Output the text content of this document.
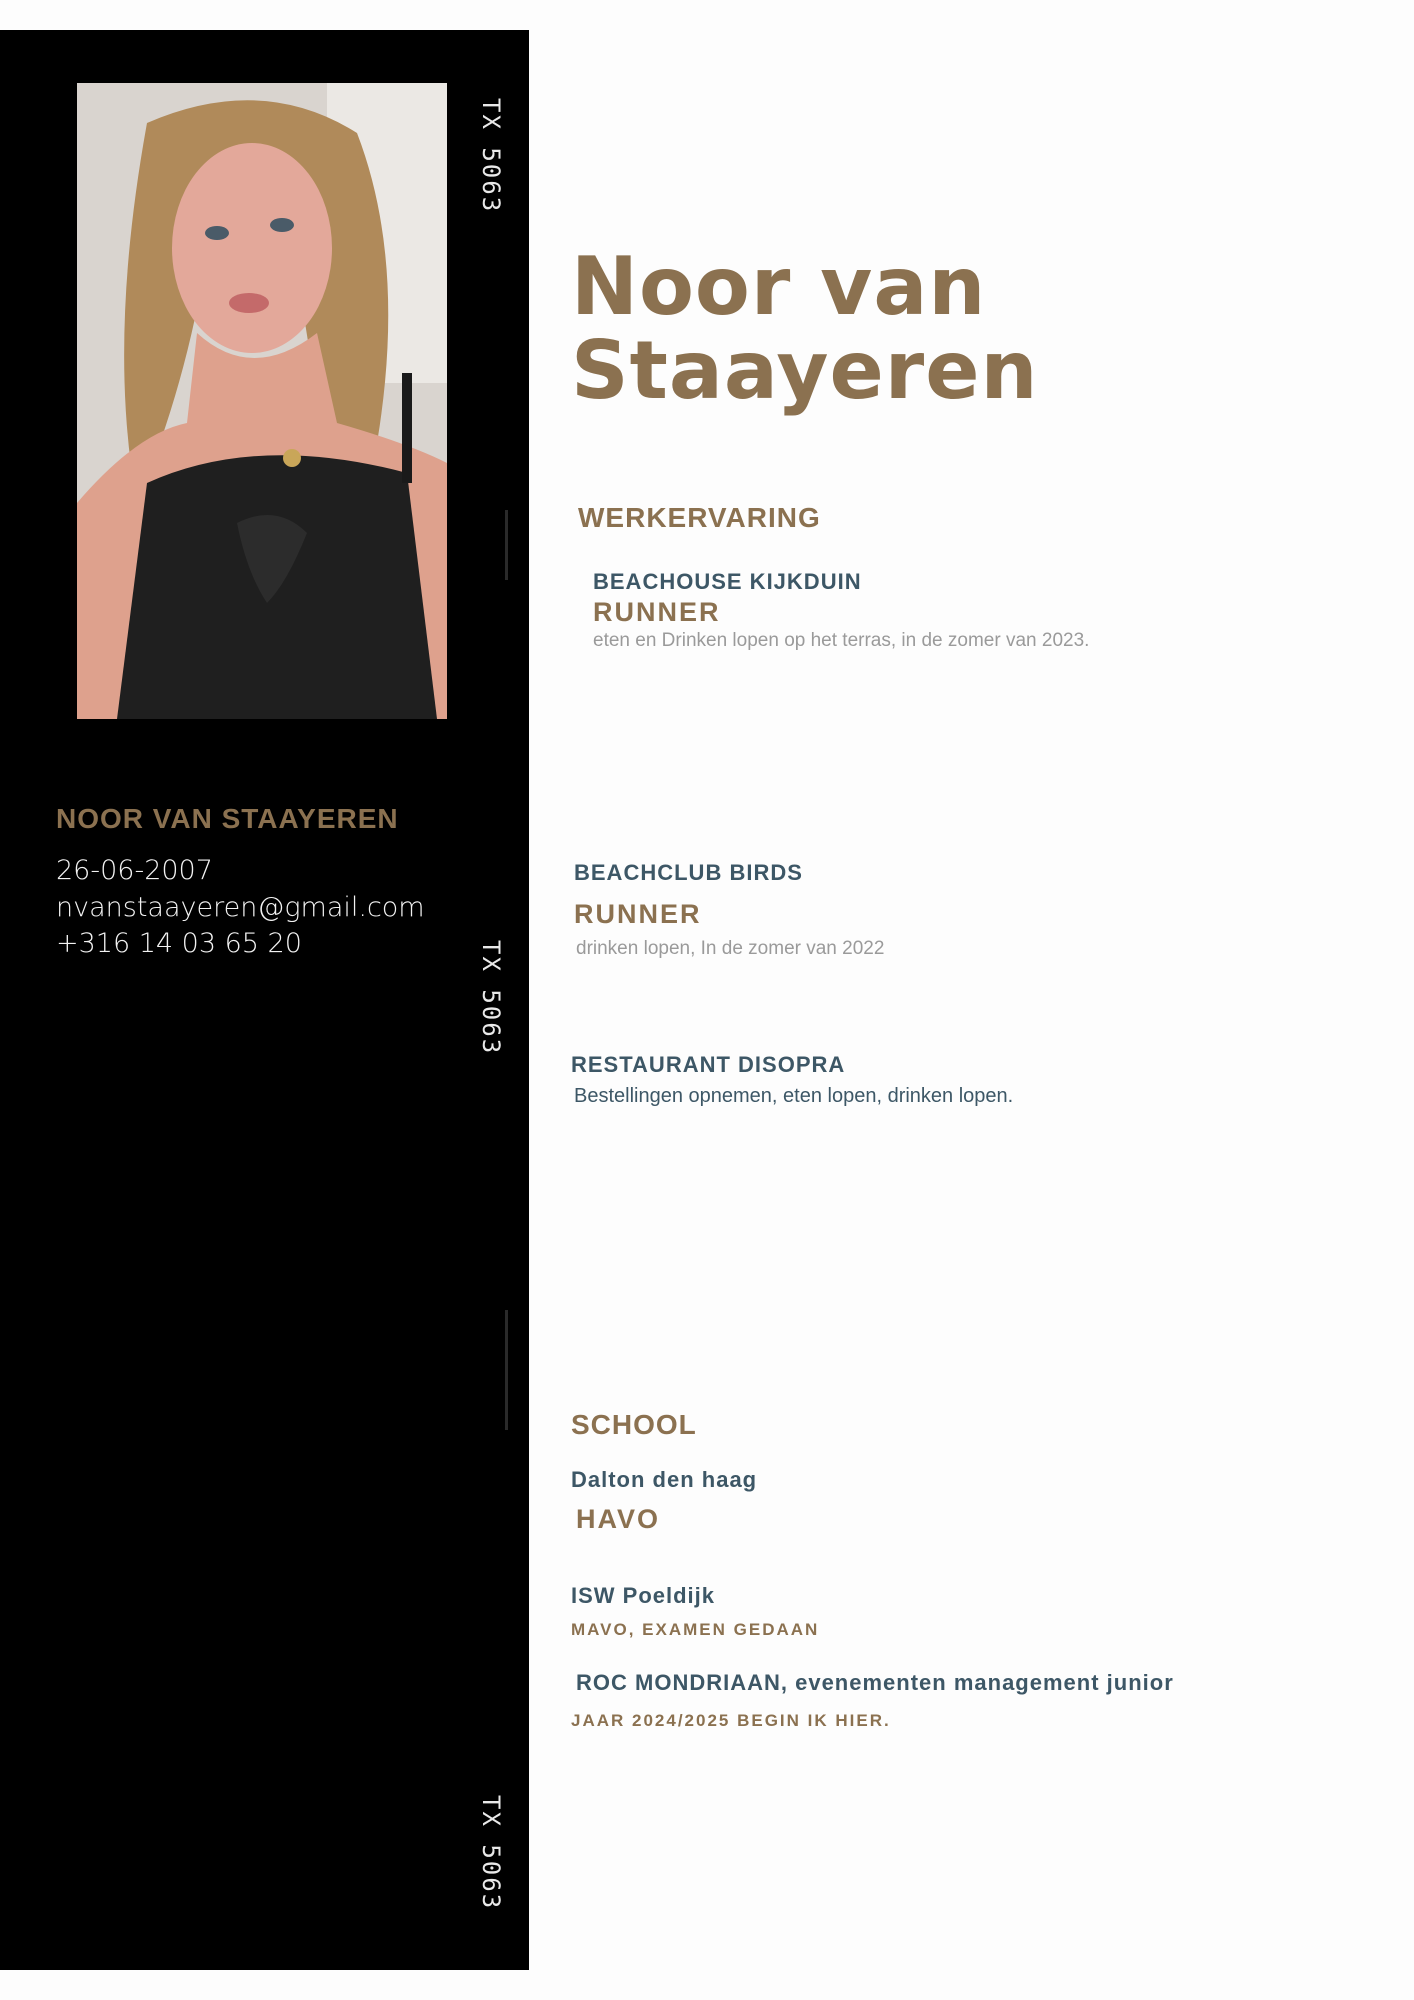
TX 5063
TX 5063
TX 5063
NOOR VAN STAAYEREN
26-06-2007
nvanstaayeren@gmail.com
+316 14 03 65 20
Noor van
Staayeren
WERKERVARING
BEACHOUSE KIJKDUIN
RUNNER
eten en Drinken lopen op het terras, in de zomer van 2023.
BEACHCLUB BIRDS
RUNNER
drinken lopen, In de zomer van 2022
RESTAURANT DISOPRA
Bestellingen opnemen, eten lopen, drinken lopen.
SCHOOL
Dalton den haag
HAVO
ISW Poeldijk
MAVO, EXAMEN GEDAAN
ROC MONDRIAAN, evenementen management junior
JAAR 2024/2025 BEGIN IK HIER.
